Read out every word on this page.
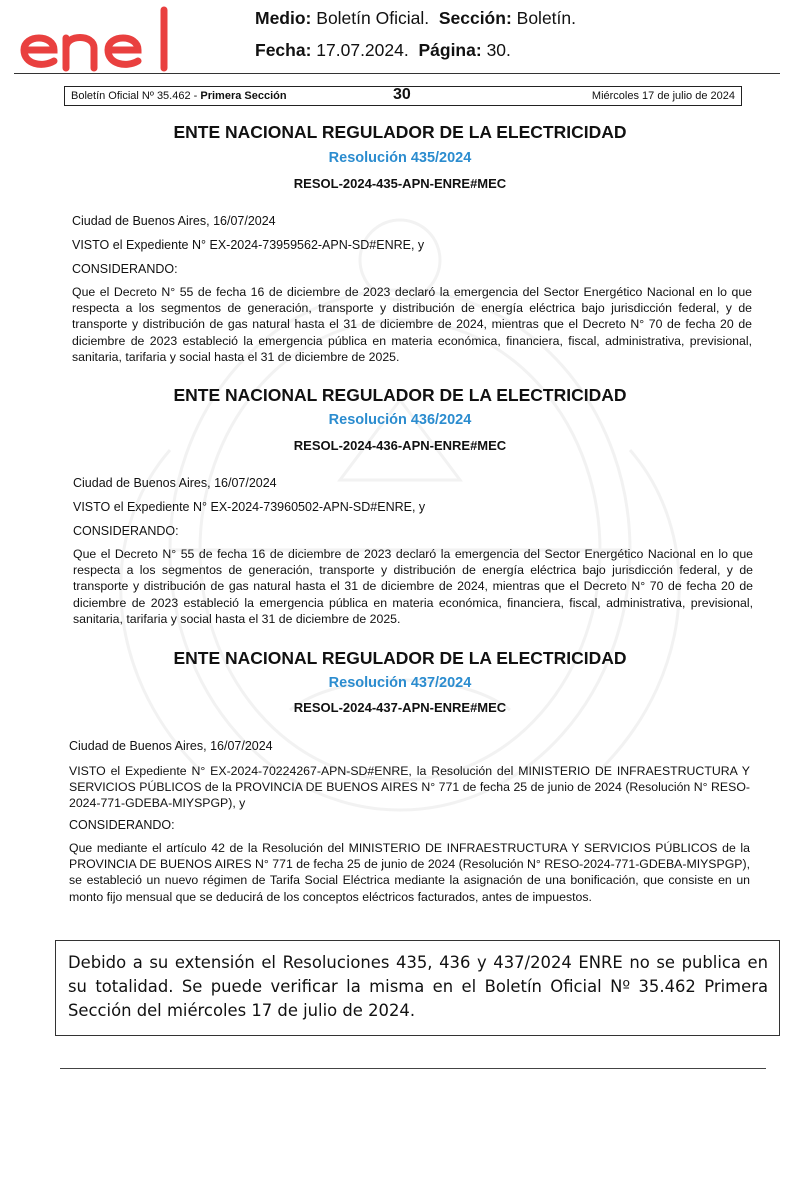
Medio: Boletín Oficial. Sección: Boletín.
Fecha: 17.07.2024. Página: 30.
Boletín Oficial Nº 35.462 - Primera Sección	30	Miércoles 17 de julio de 2024
ENTE NACIONAL REGULADOR DE LA ELECTRICIDAD
Resolución 435/2024
RESOL-2024-435-APN-ENRE#MEC
Ciudad de Buenos Aires, 16/07/2024
VISTO el Expediente N° EX-2024-73959562-APN-SD#ENRE, y
CONSIDERANDO:
Que el Decreto N° 55 de fecha 16 de diciembre de 2023 declaró la emergencia del Sector Energético Nacional en lo que respecta a los segmentos de generación, transporte y distribución de energía eléctrica bajo jurisdicción federal, y de transporte y distribución de gas natural hasta el 31 de diciembre de 2024, mientras que el Decreto N° 70 de fecha 20 de diciembre de 2023 estableció la emergencia pública en materia económica, financiera, fiscal, administrativa, previsional, sanitaria, tarifaria y social hasta el 31 de diciembre de 2025.
ENTE NACIONAL REGULADOR DE LA ELECTRICIDAD
Resolución 436/2024
RESOL-2024-436-APN-ENRE#MEC
Ciudad de Buenos Aires, 16/07/2024
VISTO el Expediente N° EX-2024-73960502-APN-SD#ENRE, y
CONSIDERANDO:
Que el Decreto N° 55 de fecha 16 de diciembre de 2023 declaró la emergencia del Sector Energético Nacional en lo que respecta a los segmentos de generación, transporte y distribución de energía eléctrica bajo jurisdicción federal, y de transporte y distribución de gas natural hasta el 31 de diciembre de 2024, mientras que el Decreto N° 70 de fecha 20 de diciembre de 2023 estableció la emergencia pública en materia económica, financiera, fiscal, administrativa, previsional, sanitaria, tarifaria y social hasta el 31 de diciembre de 2025.
ENTE NACIONAL REGULADOR DE LA ELECTRICIDAD
Resolución 437/2024
RESOL-2024-437-APN-ENRE#MEC
Ciudad de Buenos Aires, 16/07/2024
VISTO el Expediente N° EX-2024-70224267-APN-SD#ENRE, la Resolución del MINISTERIO DE INFRAESTRUCTURA Y SERVICIOS PÚBLICOS de la PROVINCIA DE BUENOS AIRES N° 771 de fecha 25 de junio de 2024 (Resolución N° RESO-2024-771-GDEBA-MIYSPGP), y
CONSIDERANDO:
Que mediante el artículo 42 de la Resolución del MINISTERIO DE INFRAESTRUCTURA Y SERVICIOS PÚBLICOS de la PROVINCIA DE BUENOS AIRES N° 771 de fecha 25 de junio de 2024 (Resolución N° RESO-2024-771-GDEBA-MIYSPGP), se estableció un nuevo régimen de Tarifa Social Eléctrica mediante la asignación de una bonificación, que consiste en un monto fijo mensual que se deducirá de los conceptos eléctricos facturados, antes de impuestos.
Debido a su extensión el Resoluciones 435, 436 y 437/2024 ENRE no se publica en su totalidad. Se puede verificar la misma en el Boletín Oficial Nº 35.462 Primera Sección del miércoles 17 de julio de 2024.
